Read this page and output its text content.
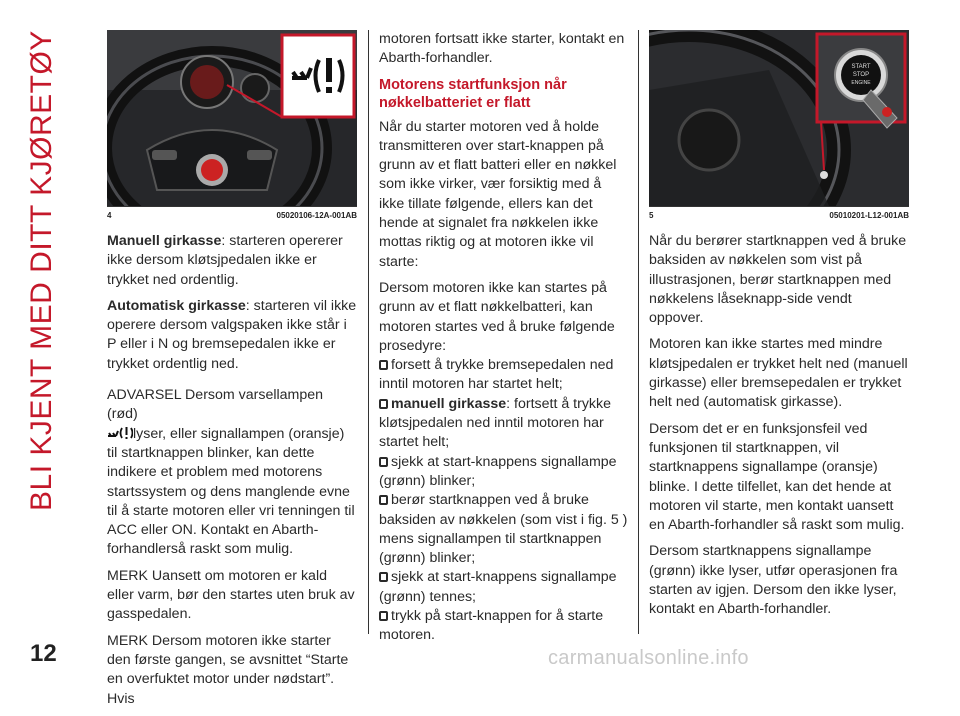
BLI KJENT MED DITT KJØRETØY
12
4	05020106-12A-001AB

Manuell girkasse: starteren opererer ikke dersom kløtsjpedalen ikke er trykket ned ordentlig.

Automatisk girkasse: starteren vil ikke operere dersom valgspaken ikke står i P eller i N og bremsepedalen ikke er trykket ordentlig ned.

ADVARSEL Dersom varsellampen (rød)
lyser, eller signallampen (oransje) til startknappen blinker, kan dette indikere et problem med motorens startssystem og dens manglende evne til å starte motoren eller vri tenningen til ACC eller ON. Kontakt en Abarth-forhandlerså raskt som mulig.

MERK Uansett om motoren er kald eller varm, bør den startes uten bruk av gasspedalen.

MERK Dersom motoren ikke starter den første gangen, se avsnittet “Starte en overfuktet motor under nødstart”. Hvis

motoren fortsatt ikke starter, kontakt en Abarth-forhandler.

Motorens startfunksjon når nøkkelbatteriet er flatt

Når du starter motoren ved å holde transmitteren over start-knappen på grunn av et flatt batteri eller en nøkkel som ikke virker, vær forsiktig med å ikke tillate følgende, ellers kan det hende at signalet fra nøkkelen ikke mottas riktig og at motoren ikke vil starte:

Dersom motoren ikke kan startes på grunn av et flatt nøkkelbatteri, kan motoren startes ved å bruke følgende prosedyre:

forsett å trykke bremsepedalen ned inntil motoren har startet helt;
manuell girkasse: fortsett å trykke kløtsjpedalen ned inntil motoren har startet helt;
sjekk at start-knappens signallampe (grønn) blinker;
berør startknappen ved å bruke baksiden av nøkkelen (som vist i fig. 5 ) mens signallampen til startknappen (grønn) blinker;
sjekk at start-knappens signallampe (grønn) tennes;
trykk på start-knappen for å starte motoren.
START
STOP
ENGINE
5	05010201-L12-001AB

Når du berører startknappen ved å bruke baksiden av nøkkelen som vist på illustrasjonen, berør startknappen med nøkkelens låseknapp-side vendt oppover.

Motoren kan ikke startes med mindre kløtsjpedalen er trykket helt ned (manuell girkasse) eller bremsepedalen er trykket helt ned (automatisk girkasse).

Dersom det er en funksjonsfeil ved funksjonen til startknappen, vil startknappens signallampe (oransje) blinke. I dette tilfellet, kan det hende at motoren vil starte, men kontakt uansett en Abarth-forhandler så raskt som mulig.

Dersom startknappens signallampe (grønn) ikke lyser, utfør operasjonen fra starten av igjen. Dersom den ikke lyser, kontakt en Abarth-forhandler.

carmanualsonline.info
